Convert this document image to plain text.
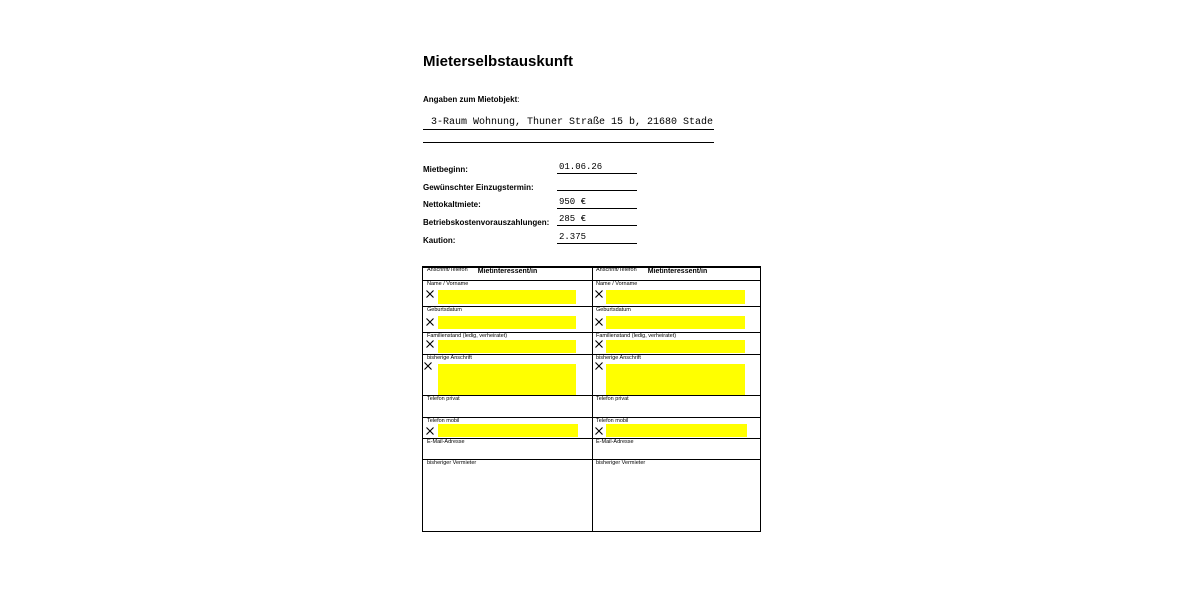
Mieterselbstauskunft
Angaben zum Mietobjekt:
3-Raum Wohnung, Thuner Straße 15 b, 21680 Stade
Mietbeginn:	01.06.26
Gewünschter Einzugstermin:
Nettokaltmiete:	950 €
Betriebskostenvorauszahlungen: 285 €
Kaution:	2.375
Mietinteressent/in	Mietinteressent/in
Name / Vorname	Name / Vorname
Geburtsdatum	Geburtsdatum
Familienstand (ledig, verheiratet)	Familienstand (ledig, verheiratet)
bisherige Anschrift	bisherige Anschrift
Telefon privat	Telefon privat
Telefon mobil	Telefon mobil
E-Mail-Adresse	E-Mail-Adresse
bisheriger Vermieter	bisheriger Vermieter
Anschrift/Telefon	Anschrift/Telefon
